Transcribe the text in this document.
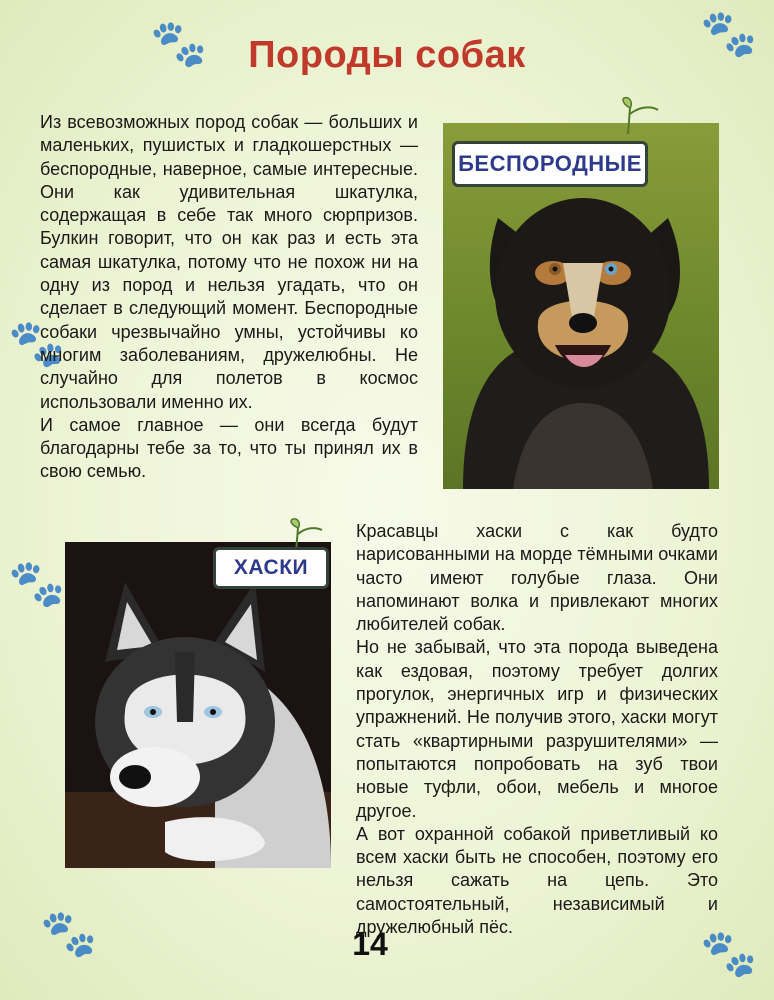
🐾	🐾
🐾
🐾
🐾	🐾
Породы собак

Из всевозможных пород собак — больших и маленьких, пушистых и гладкошерстных — беспородные, наверное, самые интересные. Они как удивительная шкатулка, содержащая в себе так много сюрпризов. Булкин говорит, что он как раз и есть эта самая шкатулка, потому что не похож ни на одну из пород и нельзя угадать, что он сделает в следующий момент. Беспородные собаки чрезвычайно умны, устойчивы ко многим заболеваниям, дружелюбны. Не случайно для полетов в космос использовали именно их.

И самое главное — они всегда будут благодарны тебе за то, что ты принял их в свою семью.

БЕСПОРОДНЫЕ
ХАСКИ

Красавцы хаски с как будто нарисованными на морде тёмными очками часто имеют голубые глаза. Они напоминают волка и привлекают многих любителей собак.

Но не забывай, что эта порода выведена как ездовая, поэтому требует долгих прогулок, энергичных игр и физических упражнений. Не получив этого, хаски могут стать «квартирными разрушителями» — попытаются попробовать на зуб твои новые туфли, обои, мебель и многое другое.

А вот охранной собакой приветливый ко всем хаски быть не способен, поэтому его нельзя сажать на цепь. Это самостоятельный, независимый и дружелюбный пёс.

14
